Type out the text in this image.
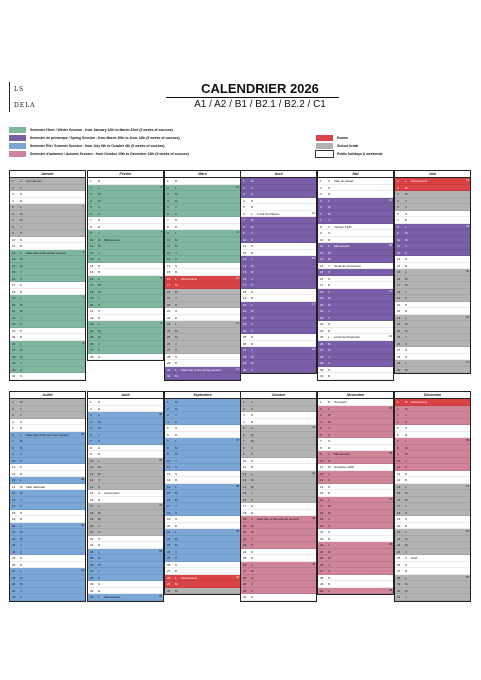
LS
DELA
CALENDRIER 2026
A1 / A2 / B1 / B2.1 / B2.2 / C1
Semestre Hiver / Winter Session - from January 12th to March 22nd (9 weeks of courses)
Semestre de printemps / Spring Session - from March 30th to June 14th (9 weeks of courses)
Semestre Été / Summer Session - from July 6th to October 4th (9 weeks of courses)
Semestre d'automne / Autumn Session - from October 19th to December 13th (9 weeks of courses)
Exams
School break
Public holidays & weekends
Janvier
1 J Jour de l'an
2 V
3 S
4 D
5 L	2
6 M
7 M
8 J
9 V
10 S
11 D
12 L Start day of the winter session	3
13 M
14 M
15 J
16 V
17 S
18 D
19 L	4
20 M
21 M
22 J
23 V
24 S
25 D
26 L	5
27 M
28 M
29 J
30 V
31 S
Février
1 D
2 L	6
3 M
4 M
5 J
6 V
7 S
8 D
9 L	7
10 M Mid-session
11 M
12 J
13 V
14 S
15 D
16 L	8
17 M
18 M
19 J
20 V
21 S
22 D
23 L	9
24 M
25 M
26 J
27 V
28 S
Mars
1 D
2 L	10
3 M
4 M
5 J
6 V
7 S
8 D
9 L	11
10 M
11 M
12 J
13 V
14 S
15 D
16 L Final exams	12
17 M
18 M
19 J
20 V
21 S
22 D
23 L	13
24 M
25 M
26 J
27 V
28 S
29 D
30 L Start day of the spring session	14
31 M
Avril
1 M
2 J
3 V
4 S
5 D
6 L Lundi de Pâques	15
7 M
8 M
9 J
10 V
11 S
12 D
13 L	16
14 M
15 M
16 J
17 V
18 S
19 D
20 L	17
21 M
22 M
23 J
24 V
25 S
26 D
27 L	18
28 M
29 M
30 J
Mai
1 V Fête du travail
2 S
3 D
4 L	19
5 M
6 M
7 J
8 V Victoire 1945
9 S
10 D
11 L Mid-session	20
12 M
13 M
14 J Jeudi de l'ascension
15 V
16 S
17 D
18 L	21
19 M
20 M
21 J
22 V
23 S
24 D
25 L Lundi de Pentecôte	22
26 M
27 M
28 J
29 V
30 S
31 D
Juin
1 L Final exams	23
2 M
3 M
4 J
5 V
6 S
7 D
8 L	24
9 M
10 M
11 J
12 V
13 S
14 D
15 L	25
16 M
17 M
18 J
19 V
20 S
21 D
22 L	26
23 M
24 M
25 J
26 V
27 S
28 D
29 L	27
30 M
Juillet
1 M
2 J
3 V
4 S
5 D
6 L Start day of the summer session	28
7 M
8 M
9 J
10 V
11 S
12 D
13 L	29
14 M Fête nationale
15 M
16 J
17 V
18 S
19 D
20 L	30
21 M
22 M
23 J
24 V
25 S
26 D
27 L	31
28 M
29 M
30 J
31 V
Août
1 S
2 D
3 L	32
4 M
5 M
6 J
7 V
8 S
9 D
10 L	33
11 M
12 M
13 J
14 V
15 S Assomption
16 D
17 L	34
18 M
19 M
20 J
21 V
22 S
23 D
24 L	35
25 M
26 M
27 J
28 V
29 S
30 D
31 L Mid-session	36
Septembre
1 M
2 M
3 J
4 V
5 S
6 D
7 L	37
8 M
9 M
10 J
11 V
12 S
13 D
14 L	38
15 M
16 M
17 J
18 V
19 S
20 D
21 L	39
22 M
23 M
24 J
25 V
26 S
27 D
28 L Final exams	40
29 M
30 M
Octobre
1 J
2 V
3 S
4 D
5 L	41
6 M
7 M
8 J
9 V
10 S
11 D
12 L	42
13 M
14 M
15 J
16 V
17 S
18 D
19 L Start day of the autumn session	43
20 M
21 M
22 J
23 V
24 S
25 D
26 L	44
27 M
28 M
29 J
30 V
31 S
Novembre
1 D Toussaint
2 L	45
3 M
4 M
5 J
6 V
7 S
8 D
9 L Mid-session	46
10 M
11 M Armistice 1918
12 J
13 V
14 S
15 D
16 L	47
17 M
18 M
19 J
20 V
21 S
22 D
23 L	48
24 M
25 M
26 J
27 V
28 S
29 D
30 L	49
Décembre
1 M Final exams
2 M
3 J
4 V
5 S
6 D
7 L	50
8 M
9 M
10 J
11 V
12 S
13 D
14 L	51
15 M
16 M
17 J
18 V
19 S
20 D
21 L	52
22 M
23 M
24 J
25 V Noël
26 S
27 D
28 L	53
29 M
30 M
31 J
